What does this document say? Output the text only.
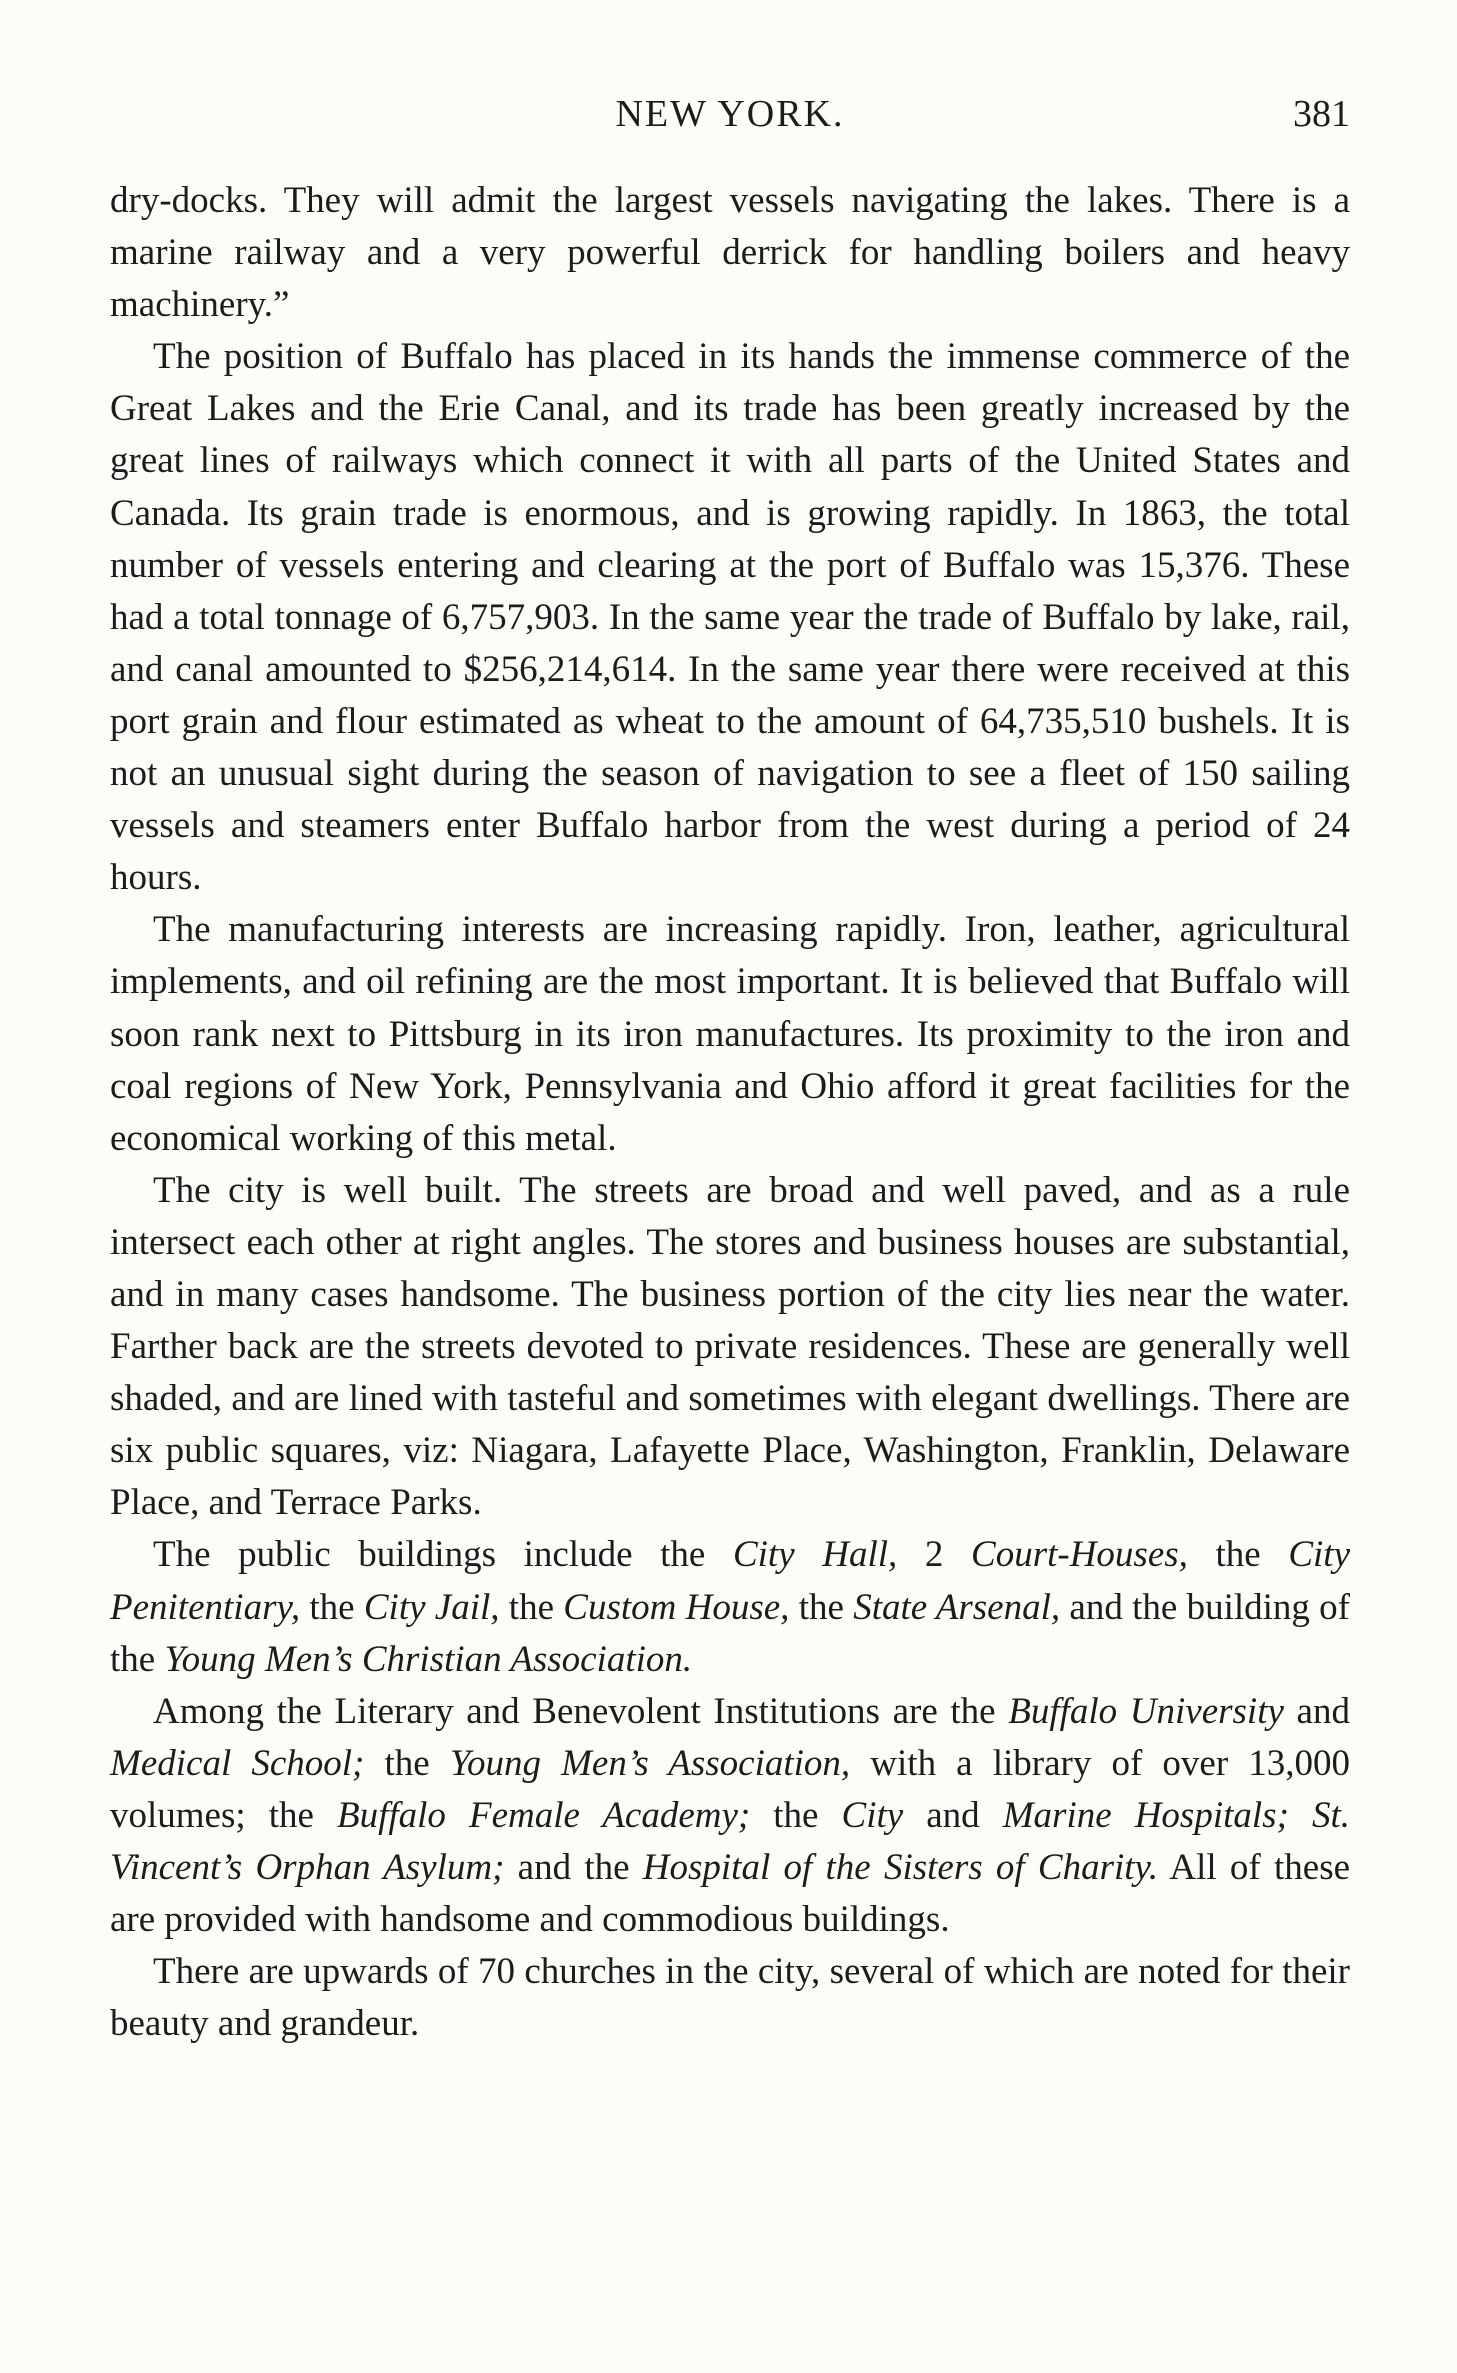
NEW YORK.	381

dry-docks. They will admit the largest vessels navigating the lakes. There is a marine railway and a very powerful derrick for handling boilers and heavy machinery.”

The position of Buffalo has placed in its hands the immense commerce of the Great Lakes and the Erie Canal, and its trade has been greatly increased by the great lines of railways which connect it with all parts of the United States and Canada. Its grain trade is enormous, and is growing rapidly. In 1863, the total number of vessels entering and clearing at the port of Buffalo was 15,376. These had a total tonnage of 6,757,903. In the same year the trade of Buffalo by lake, rail, and canal amounted to $256,214,614. In the same year there were received at this port grain and flour estimated as wheat to the amount of 64,735,510 bushels. It is not an unusual sight during the season of navigation to see a fleet of 150 sailing vessels and steamers enter Buffalo harbor from the west during a period of 24 hours.

The manufacturing interests are increasing rapidly. Iron, leather, agricultural implements, and oil refining are the most important. It is believed that Buffalo will soon rank next to Pittsburg in its iron manufactures. Its proximity to the iron and coal regions of New York, Pennsylvania and Ohio afford it great facilities for the economical working of this metal.

The city is well built. The streets are broad and well paved, and as a rule intersect each other at right angles. The stores and business houses are substantial, and in many cases handsome. The business portion of the city lies near the water. Farther back are the streets devoted to private residences. These are generally well shaded, and are lined with tasteful and sometimes with elegant dwellings. There are six public squares, viz: Niagara, Lafayette Place, Washington, Franklin, Delaware Place, and Terrace Parks.

The public buildings include the City Hall, 2 Court-Houses, the City Penitentiary, the City Jail, the Custom House, the State Arsenal, and the building of the Young Men’s Christian Association.

Among the Literary and Benevolent Institutions are the Buffalo University and Medical School; the Young Men’s Association, with a library of over 13,000 volumes; the Buffalo Female Academy; the City and Marine Hospitals; St. Vincent’s Orphan Asylum; and the Hospital of the Sisters of Charity. All of these are provided with handsome and commodious buildings.

There are upwards of 70 churches in the city, several of which are noted for their beauty and grandeur.
